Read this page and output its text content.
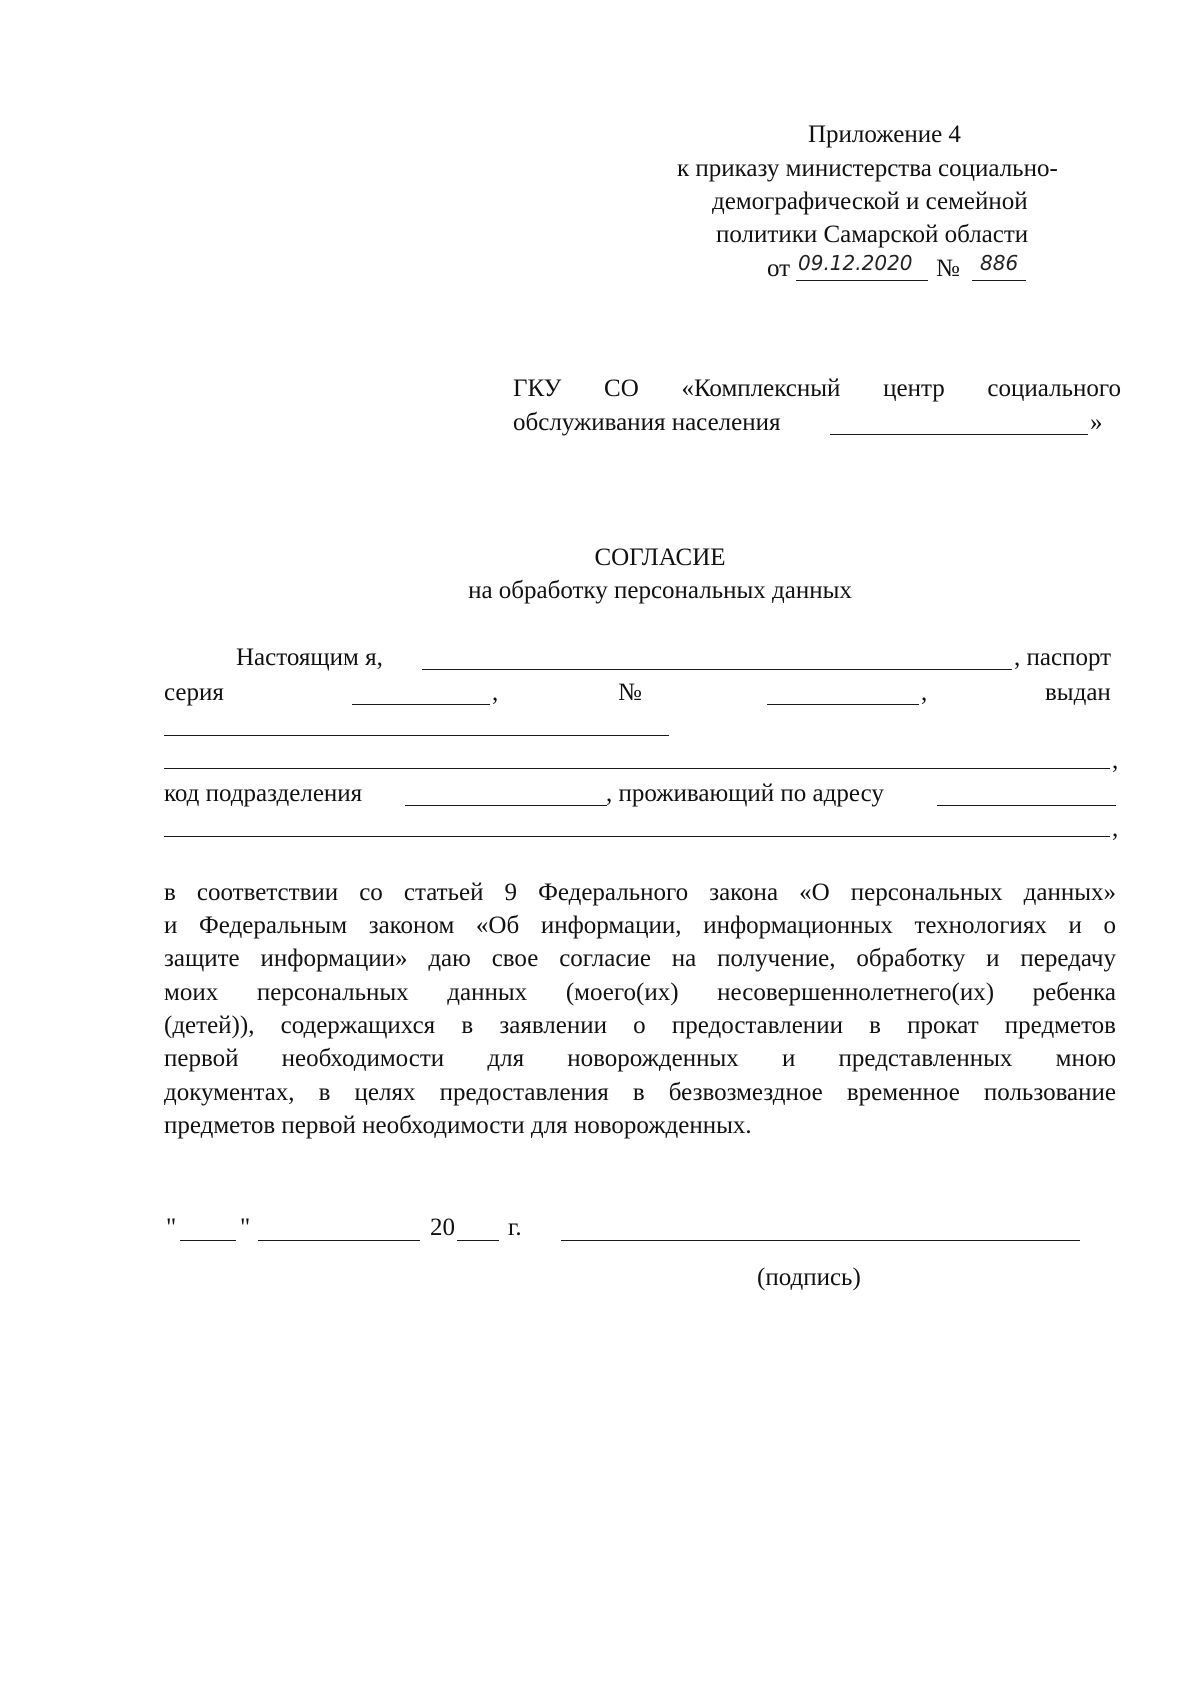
Приложение 4
к приказу министерства социально-
демографической и семейной
политики Самарской области
от 09.12.2020 № 886
ГКУ СО «Комплексный центр социального
обслуживания населения	»
СОГЛАСИЕ
на обработку персональных данных
Настоящим я,	, паспорт
серия	,	№	,	выдан
,
код подразделения	, проживающий по адресу
,
в соответствии со статьей 9 Федерального закона «О персональных данных»
и Федеральным законом «Об информации, информационных технологиях и о
защите информации» даю свое согласие на получение, обработку и передачу
моих персональных данных (моего(их) несовершеннолетнего(их) ребенка
(детей)), содержащихся в заявлении о предоставлении в прокат предметов
первой необходимости для новорожденных и представленных мною
документах, в целях предоставления в безвозмездное временное пользование
предметов первой необходимости для новорожденных.
"	"	20 г.
(подпись)
